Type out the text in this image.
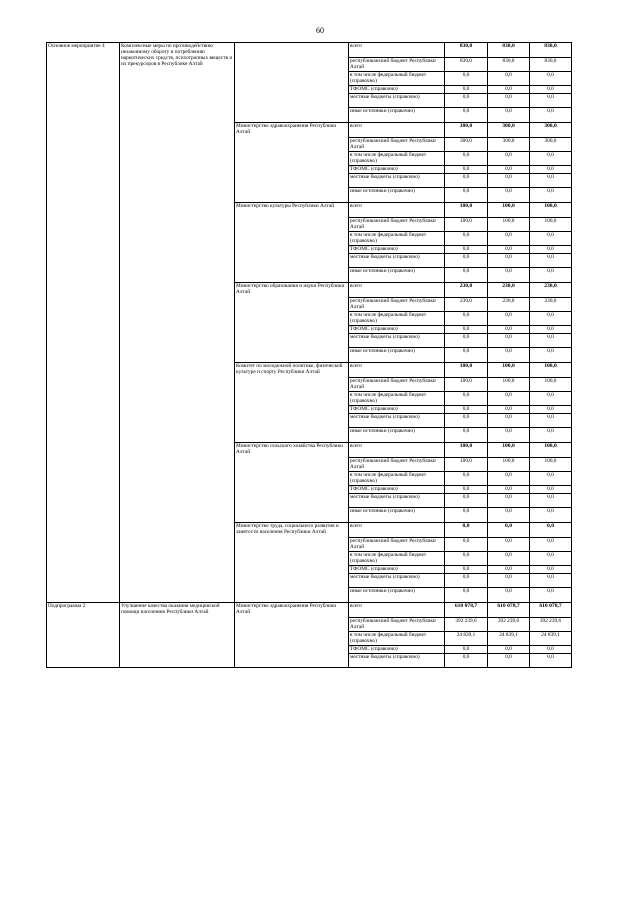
60
Основное мероприятие 4	Комплексные меры по противодействию незаконному обороту и потреблению наркотических средств, психотропных веществ и их прекурсоров в Республике Алтай		всего	830,0	830,0	830,0
			республиканский бюджет Республики Алтай	830,0	830,0	830,0
			в том числе федеральный бюджет (справочно)	0,0	0,0	0,0
			ТФОМС (справочно)	0,0	0,0	0,0
			местные бюджеты (справочно)	0,0	0,0	0,0
			иные источники (справочно)	0,0	0,0	0,0
		Министерство здравоохранения Республики Алтай	всего	300,0	300,0	300,0
			республиканский бюджет Республики Алтай	300,0	300,0	300,0
			в том числе федеральный бюджет (справочно)	0,0	0,0	0,0
			ТФОМС (справочно)	0,0	0,0	0,0
			местные бюджеты (справочно)	0,0	0,0	0,0
			иные источники (справочно)	0,0	0,0	0,0
		Министерство культуры Республики Алтай	всего	100,0	100,0	100,0
			республиканский бюджет Республики Алтай	100,0	100,0	100,0
			в том числе федеральный бюджет (справочно)	0,0	0,0	0,0
			ТФОМС (справочно)	0,0	0,0	0,0
			местные бюджеты (справочно)	0,0	0,0	0,0
			иные источники (справочно)	0,0	0,0	0,0
		Министерство образования и науки Республики Алтай	всего	230,0	230,0	230,0
			республиканский бюджет Республики Алтай	230,0	230,0	230,0
			в том числе федеральный бюджет (справочно)	0,0	0,0	0,0
			ТФОМС (справочно)	0,0	0,0	0,0
			местные бюджеты (справочно)	0,0	0,0	0,0
			иные источники (справочно)	0,0	0,0	0,0
		Комитет по молодежной политике, физической культуре и спорту Республики Алтай	всего	100,0	100,0	100,0
			республиканский бюджет Республики Алтай	100,0	100,0	100,0
			в том числе федеральный бюджет (справочно)	0,0	0,0	0,0
			ТФОМС (справочно)	0,0	0,0	0,0
			местные бюджеты (справочно)	0,0	0,0	0,0
			иные источники (справочно)	0,0	0,0	0,0
		Министерство сельского хозяйства Республики Алтай	всего	100,0	100,0	100,0
			республиканский бюджет Республики Алтай	100,0	100,0	100,0
			в том числе федеральный бюджет (справочно)	0,0	0,0	0,0
			ТФОМС (справочно)	0,0	0,0	0,0
			местные бюджеты (справочно)	0,0	0,0	0,0
			иные источники (справочно)	0,0	0,0	0,0
		Министерство труда, социального развития и занятости населения Республики Алтай	всего	0,0	0,0	0,0
			республиканский бюджет Республики Алтай	0,0	0,0	0,0
			в том числе федеральный бюджет (справочно)	0,0	0,0	0,0
			ТФОМС (справочно)	0,0	0,0	0,0
			местные бюджеты (справочно)	0,0	0,0	0,0
			иные источники (справочно)	0,0	0,0	0,0
Подпрограмма 2	Улучшение качества оказания медицинской помощи населению Республики Алтай	Министерство здравоохранения Республики Алтай	всего	610 078,7	610 078,7	610 078,7
			республиканский бюджет Республики Алтай	392 239,6	392 239,6	392 239,6
			в том числе федеральный бюджет (справочно)	24 839,1	24 839,1	24 839,1
			ТФОМС (справочно)	0,0	0,0	0,0
			местные бюджеты (справочно)	0,0	0,0	0,0
